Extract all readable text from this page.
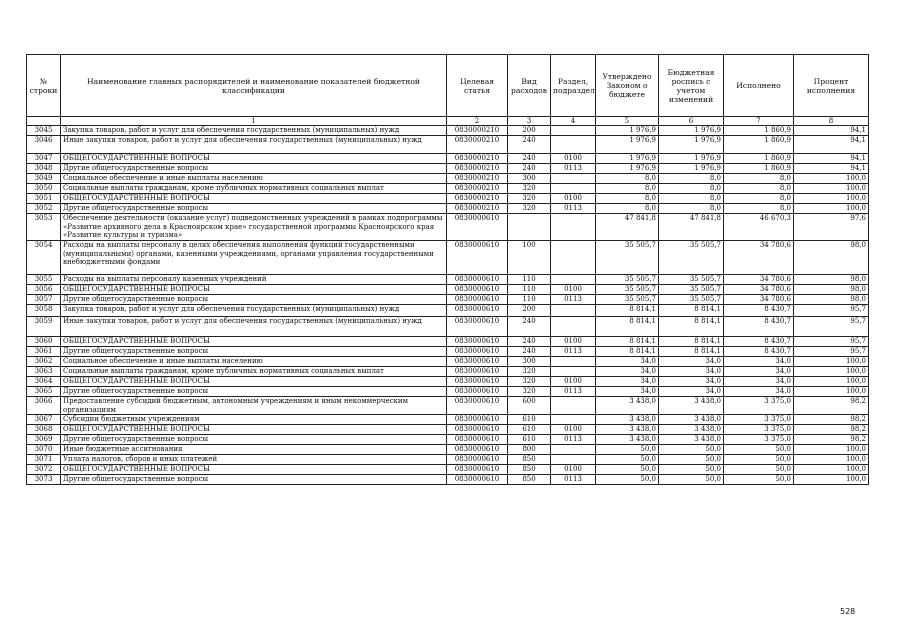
№ строки	Наименование главных распорядителей и наименование показателей бюджетной классификации	Целевая статья	Вид расходов	Раздел, подраздел	Утверждено Законом о бюджете	Бюджетная роспись с учетом изменений	Исполнено	Процент исполнения
	1	2	3	4	5	6	7	8
3045	Закупка товаров, работ и услуг для обеспечения государственных (муниципальных) нужд	0830000210	200		1 976,9	1 976,9	1 860,9	94,1
3046	Иные закупки товаров, работ и услуг для обеспечения государственных (муниципальных) нужд	0830000210	240		1 976,9	1 976,9	1 860,9	94,1
3047	ОБЩЕГОСУДАРСТВЕННЫЕ ВОПРОСЫ	0830000210	240	0100	1 976,9	1 976,9	1 860,9	94,1
3048	Другие общегосударственные вопросы	0830000210	240	0113	1 976,9	1 976,9	1 860,9	94,1
3049	Социальное обеспечение и иные выплаты населению	0830000210	300		8,0	8,0	8,0	100,0
3050	Социальные выплаты гражданам, кроме публичных нормативных социальных выплат	0830000210	320		8,0	8,0	8,0	100,0
3051	ОБЩЕГОСУДАРСТВЕННЫЕ ВОПРОСЫ	0830000210	320	0100	8,0	8,0	8,0	100,0
3052	Другие общегосударственные вопросы	0830000210	320	0113	8,0	8,0	8,0	100,0
3053	Обеспечение деятельности (оказание услуг) подведомственных учреждений в рамках подпрограммы «Развитие архивного дела в Красноярском крае» государственной программы Красноярского края «Развитие культуры и туризма»	0830000610			47 841,8	47 841,8	46 670,3	97,6
3054	Расходы на выплаты персоналу в целях обеспечения выполнения функций государственными (муниципальными) органами, казенными учреждениями, органами управления государственными внебюджетными фондами	0830000610	100		35 505,7	35 505,7	34 780,6	98,0
3055	Расходы на выплаты персоналу казенных учреждений	0830000610	110		35 505,7	35 505,7	34 780,6	98,0
3056	ОБЩЕГОСУДАРСТВЕННЫЕ ВОПРОСЫ	0830000610	110	0100	35 505,7	35 505,7	34 780,6	98,0
3057	Другие общегосударственные вопросы	0830000610	110	0113	35 505,7	35 505,7	34 780,6	98,0
3058	Закупка товаров, работ и услуг для обеспечения государственных (муниципальных) нужд	0830000610	200		8 814,1	8 814,1	8 430,7	95,7
3059	Иные закупки товаров, работ и услуг для обеспечения государственных (муниципальных) нужд	0830000610	240		8 814,1	8 814,1	8 430,7	95,7
3060	ОБЩЕГОСУДАРСТВЕННЫЕ ВОПРОСЫ	0830000610	240	0100	8 814,1	8 814,1	8 430,7	95,7
3061	Другие общегосударственные вопросы	0830000610	240	0113	8 814,1	8 814,1	8 430,7	95,7
3062	Социальное обеспечение и иные выплаты населению	0830000610	300		34,0	34,0	34,0	100,0
3063	Социальные выплаты гражданам, кроме публичных нормативных социальных выплат	0830000610	320		34,0	34,0	34,0	100,0
3064	ОБЩЕГОСУДАРСТВЕННЫЕ ВОПРОСЫ	0830000610	320	0100	34,0	34,0	34,0	100,0
3065	Другие общегосударственные вопросы	0830000610	320	0113	34,0	34,0	34,0	100,0
3066	Предоставление субсидий бюджетным, автономным учреждениям и иным некоммерческим организациям	0830000610	600		3 438,0	3 438,0	3 375,0	98,2
3067	Субсидии бюджетным учреждениям	0830000610	610		3 438,0	3 438,0	3 375,0	98,2
3068	ОБЩЕГОСУДАРСТВЕННЫЕ ВОПРОСЫ	0830000610	610	0100	3 438,0	3 438,0	3 375,0	98,2
3069	Другие общегосударственные вопросы	0830000610	610	0113	3 438,0	3 438,0	3 375,0	98,2
3070	Иные бюджетные ассигнования	0830000610	800		50,0	50,0	50,0	100,0
3071	Уплата налогов, сборов и иных платежей	0830000610	850		50,0	50,0	50,0	100,0
3072	ОБЩЕГОСУДАРСТВЕННЫЕ ВОПРОСЫ	0830000610	850	0100	50,0	50,0	50,0	100,0
3073	Другие общегосударственные вопросы	0830000610	850	0113	50,0	50,0	50,0	100,0
528
